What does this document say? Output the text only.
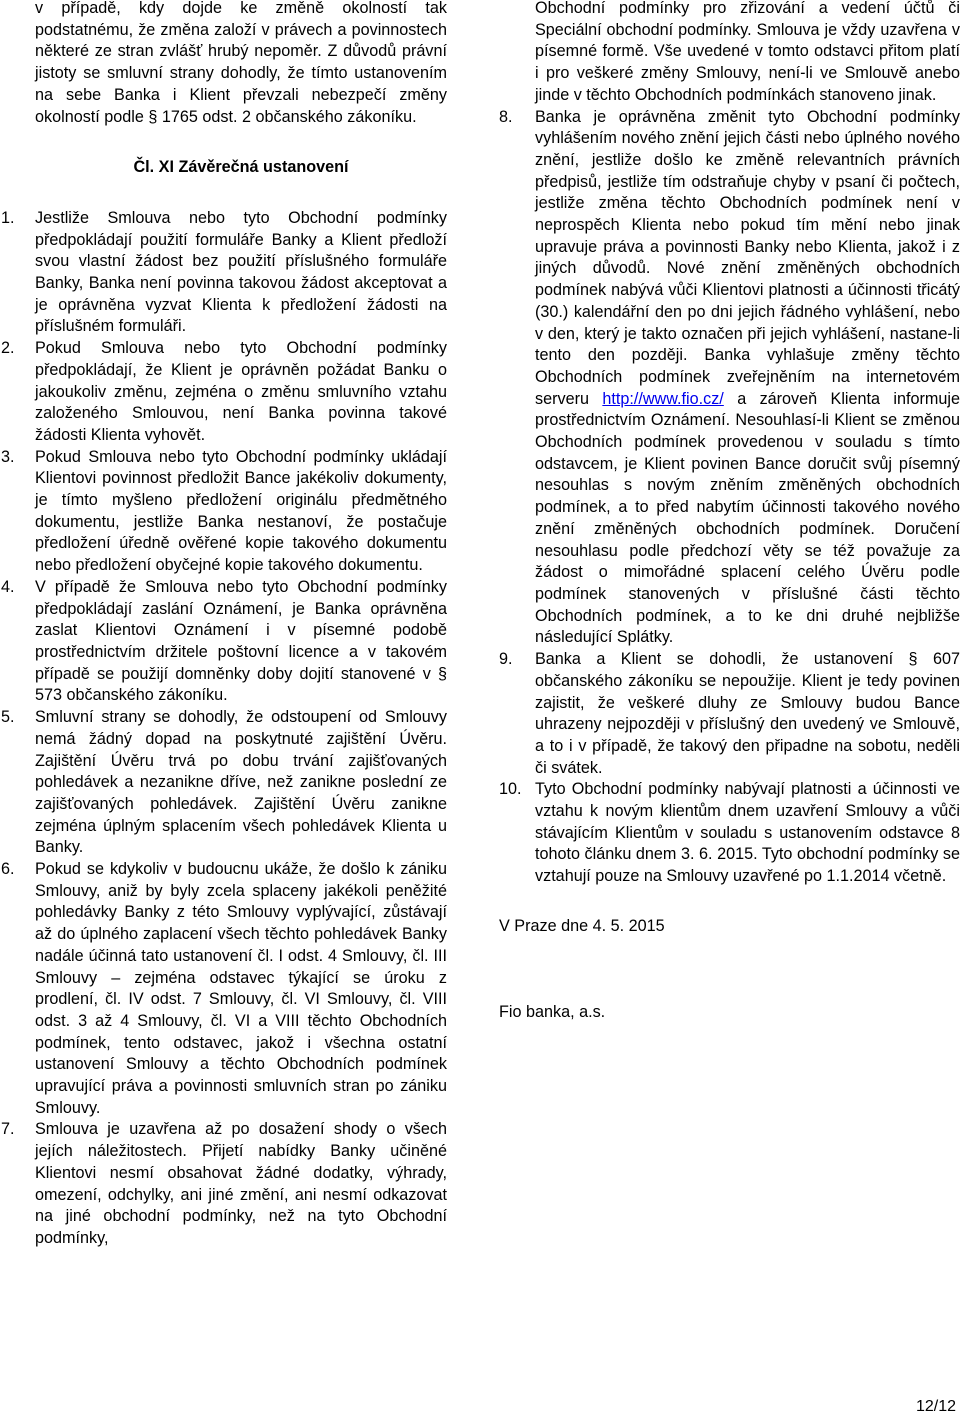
v případě, kdy dojde ke změně okolností tak podstatnému, že změna založí v právech a povinnostech některé ze stran zvlášť hrubý nepoměr. Z důvodů právní jistoty se smluvní strany dohodly, že tímto ustanovením na sebe Banka i Klient převzali nebezpečí změny okolností podle § 1765 odst. 2 občanského zákoníku.

Čl. XI Závěrečná ustanovení

1. Jestliže Smlouva nebo tyto Obchodní podmínky předpokládají použití formuláře Banky a Klient předloží svou vlastní žádost bez použití příslušného formuláře Banky, Banka není povinna takovou žádost akceptovat a je oprávněna vyzvat Klienta k předložení žádosti na příslušném formuláři.

2. Pokud Smlouva nebo tyto Obchodní podmínky předpokládají, že Klient je oprávněn požádat Banku o jakoukoliv změnu, zejména o změnu smluvního vztahu založeného Smlouvou, není Banka povinna takové žádosti Klienta vyhovět.

3. Pokud Smlouva nebo tyto Obchodní podmínky ukládají Klientovi povinnost předložit Bance jakékoliv dokumenty, je tímto myšleno předložení originálu předmětného dokumentu, jestliže Banka nestanoví, že postačuje předložení úředně ověřené kopie takového dokumentu nebo předložení obyčejné kopie takového dokumentu.

4. V případě že Smlouva nebo tyto Obchodní podmínky předpokládají zaslání Oznámení, je Banka oprávněna zaslat Klientovi Oznámení i v písemné podobě prostřednictvím držitele poštovní licence a v takovém případě se použijí domněnky doby dojití stanovené v § 573 občanského zákoníku.

5. Smluvní strany se dohodly, že odstoupení od Smlouvy nemá žádný dopad na poskytnuté zajištění Úvěru. Zajištění Úvěru trvá po dobu trvání zajišťovaných pohledávek a nezanikne dříve, než zanikne poslední ze zajišťovaných pohledávek. Zajištění Úvěru zanikne zejména úplným splacením všech pohledávek Klienta u Banky.

6. Pokud se kdykoliv v budoucnu ukáže, že došlo k zániku Smlouvy, aniž by byly zcela splaceny jakékoli peněžité pohledávky Banky z této Smlouvy vyplývající, zůstávají až do úplného zaplacení všech těchto pohledávek Banky nadále účinná tato ustanovení čl. I odst. 4 Smlouvy, čl. III Smlouvy – zejména odstavec týkající se úroku z prodlení, čl. IV odst. 7 Smlouvy, čl. VI Smlouvy, čl. VIII odst. 3 až 4 Smlouvy, čl. VI a VIII těchto Obchodních podmínek, tento odstavec, jakož i všechna ostatní ustanovení Smlouvy a těchto Obchodních podmínek upravující práva a povinnosti smluvních stran po zániku Smlouvy.

7. Smlouva je uzavřena až po dosažení shody o všech jejích náležitostech. Přijetí nabídky Banky učiněné Klientovi nesmí obsahovat žádné dodatky, výhrady, omezení, odchylky, ani jiné změní, ani nesmí odkazovat na jiné obchodní podmínky, než na tyto Obchodní podmínky,

Obchodní podmínky pro zřizování a vedení účtů či Speciální obchodní podmínky. Smlouva je vždy uzavřena v písemné formě. Vše uvedené v tomto odstavci přitom platí i pro veškeré změny Smlouvy, není-li ve Smlouvě anebo jinde v těchto Obchodních podmínkách stanoveno jinak.

8. Banka je oprávněna změnit tyto Obchodní podmínky vyhlášením nového znění jejich části nebo úplného nového znění, jestliže došlo ke změně relevantních právních předpisů, jestliže tím odstraňuje chyby v psaní či počtech, jestliže změna těchto Obchodních podmínek není v neprospěch Klienta nebo pokud tím mění nebo jinak upravuje práva a povinnosti Banky nebo Klienta, jakož i z jiných důvodů. Nové znění změněných obchodních podmínek nabývá vůči Klientovi platnosti a účinnosti třicátý (30.) kalendářní den po dni jejich řádného vyhlášení, nebo v den, který je takto označen při jejich vyhlášení, nastane-li tento den později. Banka vyhlašuje změny těchto Obchodních podmínek zveřejněním na internetovém serveru http://www.fio.cz/ a zároveň Klienta informuje prostřednictvím Oznámení. Nesouhlasí-li Klient se změnou Obchodních podmínek provedenou v souladu s tímto odstavcem, je Klient povinen Bance doručit svůj písemný nesouhlas s novým zněním změněných obchodních podmínek, a to před nabytím účinnosti takového nového znění změněných obchodních podmínek. Doručení nesouhlasu podle předchozí věty se též považuje za žádost o mimořádné splacení celého Úvěru podle podmínek stanovených v příslušné části těchto Obchodních podmínek, a to ke dni druhé nejbližše následující Splátky.

9. Banka a Klient se dohodli, že ustanovení § 607 občanského zákoníku se nepoužije. Klient je tedy povinen zajistit, že veškeré dluhy ze Smlouvy budou Bance uhrazeny nejpozději v příslušný den uvedený ve Smlouvě, a to i v případě, že takový den připadne na sobotu, neděli či svátek.

10. Tyto Obchodní podmínky nabývají platnosti a účinnosti ve vztahu k novým klientům dnem uzavření Smlouvy a vůči stávajícím Klientům v souladu s ustanovením odstavce 8 tohoto článku dnem 3. 6. 2015. Tyto obchodní podmínky se vztahují pouze na Smlouvy uzavřené po 1.1.2014 včetně.

V Praze dne 4. 5. 2015

Fio banka, a.s.

12/12
